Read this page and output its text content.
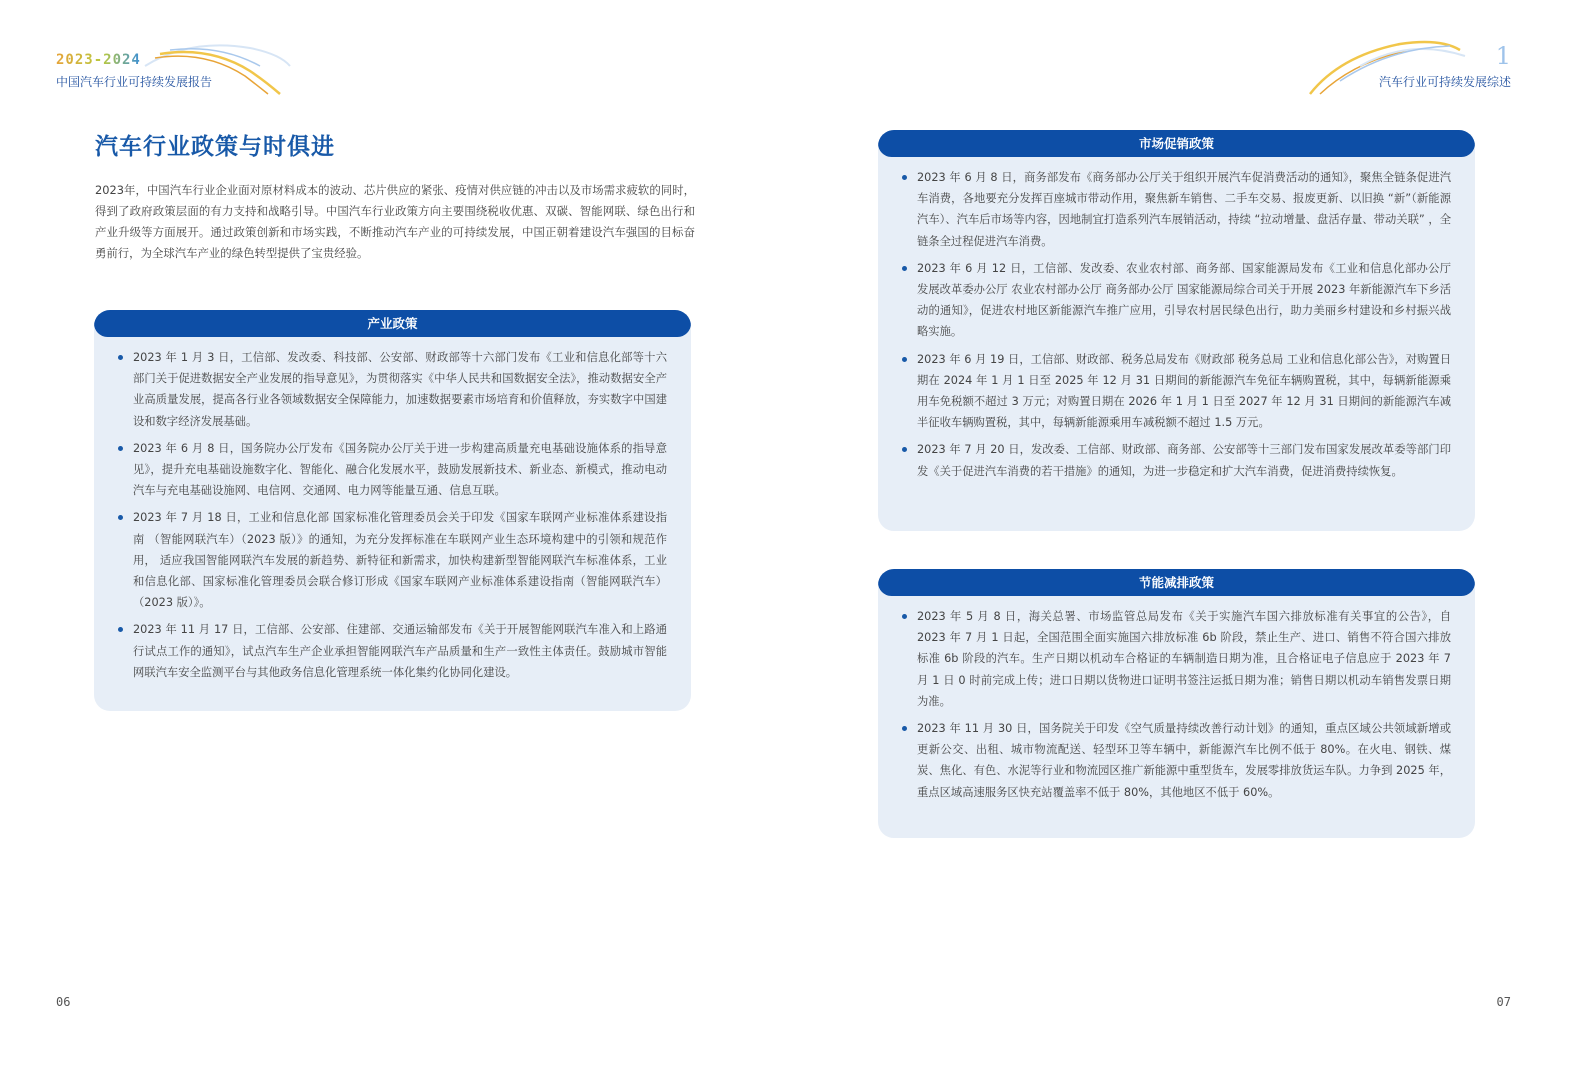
2023-2024
中国汽车行业可持续发展报告
1
汽车行业可持续发展综述
汽车行业政策与时俱进
2023年，中国汽车行业企业面对原材料成本的波动、芯片供应的紧张、疫情对供应链的冲击以及市场需求疲软的同时，得到了政府政策层面的有力支持和战略引导。中国汽车行业政策方向主要围绕税收优惠、双碳、智能网联、绿色出行和产业升级等方面展开。通过政策创新和市场实践，不断推动汽车产业的可持续发展，中国正朝着建设汽车强国的目标奋勇前行，为全球汽车产业的绿色转型提供了宝贵经验。
产业政策
2023 年 1 月 3 日，工信部、发改委、科技部、公安部、财政部等十六部门发布《工业和信息化部等十六部门关于促进数据安全产业发展的指导意见》，为贯彻落实《中华人民共和国数据安全法》，推动数据安全产业高质量发展，提高各行业各领域数据安全保障能力，加速数据要素市场培育和价值释放，夯实数字中国建设和数字经济发展基础。
2023 年 6 月 8 日，国务院办公厅发布《国务院办公厅关于进一步构建高质量充电基础设施体系的指导意见》，提升充电基础设施数字化、智能化、融合化发展水平，鼓励发展新技术、新业态、新模式，推动电动汽车与充电基础设施网、电信网、交通网、电力网等能量互通、信息互联。
2023 年 7 月 18 日，工业和信息化部 国家标准化管理委员会关于印发《国家车联网产业标准体系建设指南 （智能网联汽车）（2023 版）》的通知，为充分发挥标准在车联网产业生态环境构建中的引领和规范作用， 适应我国智能网联汽车发展的新趋势、新特征和新需求，加快构建新型智能网联汽车标准体系，工业和信息化部、国家标准化管理委员会联合修订形成《国家车联网产业标准体系建设指南（智能网联汽车）（2023 版）》。
2023 年 11 月 17 日，工信部、公安部、住建部、交通运输部发布《关于开展智能网联汽车准入和上路通行试点工作的通知》，试点汽车生产企业承担智能网联汽车产品质量和生产一致性主体责任。鼓励城市智能网联汽车安全监测平台与其他政务信息化管理系统一体化集约化协同化建设。
市场促销政策
2023 年 6 月 8 日，商务部发布《商务部办公厅关于组织开展汽车促消费活动的通知》，聚焦全链条促进汽车消费，各地要充分发挥百座城市带动作用，聚焦新车销售、二手车交易、报废更新、以旧换 “新”（新能源汽车）、汽车后市场等内容，因地制宜打造系列汽车展销活动，持续 “拉动增量、盘活存量、带动关联” ，全链条全过程促进汽车消费。
2023 年 6 月 12 日，工信部、发改委、农业农村部、商务部、国家能源局发布《工业和信息化部办公厅 发展改革委办公厅 农业农村部办公厅 商务部办公厅 国家能源局综合司关于开展 2023 年新能源汽车下乡活动的通知》，促进农村地区新能源汽车推广应用，引导农村居民绿色出行，助力美丽乡村建设和乡村振兴战略实施。
2023 年 6 月 19 日，工信部、财政部、税务总局发布《财政部 税务总局 工业和信息化部公告》，对购置日期在 2024 年 1 月 1 日至 2025 年 12 月 31 日期间的新能源汽车免征车辆购置税，其中，每辆新能源乘用车免税额不超过 3 万元；对购置日期在 2026 年 1 月 1 日至 2027 年 12 月 31 日期间的新能源汽车减半征收车辆购置税，其中，每辆新能源乘用车减税额不超过 1.5 万元。
2023 年 7 月 20 日，发改委、工信部、财政部、商务部、公安部等十三部门发布国家发展改革委等部门印发《关于促进汽车消费的若干措施》的通知，为进一步稳定和扩大汽车消费，促进消费持续恢复。
节能减排政策
2023 年 5 月 8 日，海关总署、市场监管总局发布《关于实施汽车国六排放标准有关事宜的公告》，自 2023 年 7 月 1 日起，全国范围全面实施国六排放标准 6b 阶段，禁止生产、进口、销售不符合国六排放标准 6b 阶段的汽车。生产日期以机动车合格证的车辆制造日期为准，且合格证电子信息应于 2023 年 7 月 1 日 0 时前完成上传；进口日期以货物进口证明书签注运抵日期为准；销售日期以机动车销售发票日期为准。
2023 年 11 月 30 日，国务院关于印发《空气质量持续改善行动计划》的通知，重点区域公共领域新增或更新公交、出租、城市物流配送、轻型环卫等车辆中，新能源汽车比例不低于 80%。在火电、钢铁、煤炭、焦化、有色、水泥等行业和物流园区推广新能源中重型货车，发展零排放货运车队。力争到 2025 年，重点区域高速服务区快充站覆盖率不低于 80%，其他地区不低于 60%。
06	07
